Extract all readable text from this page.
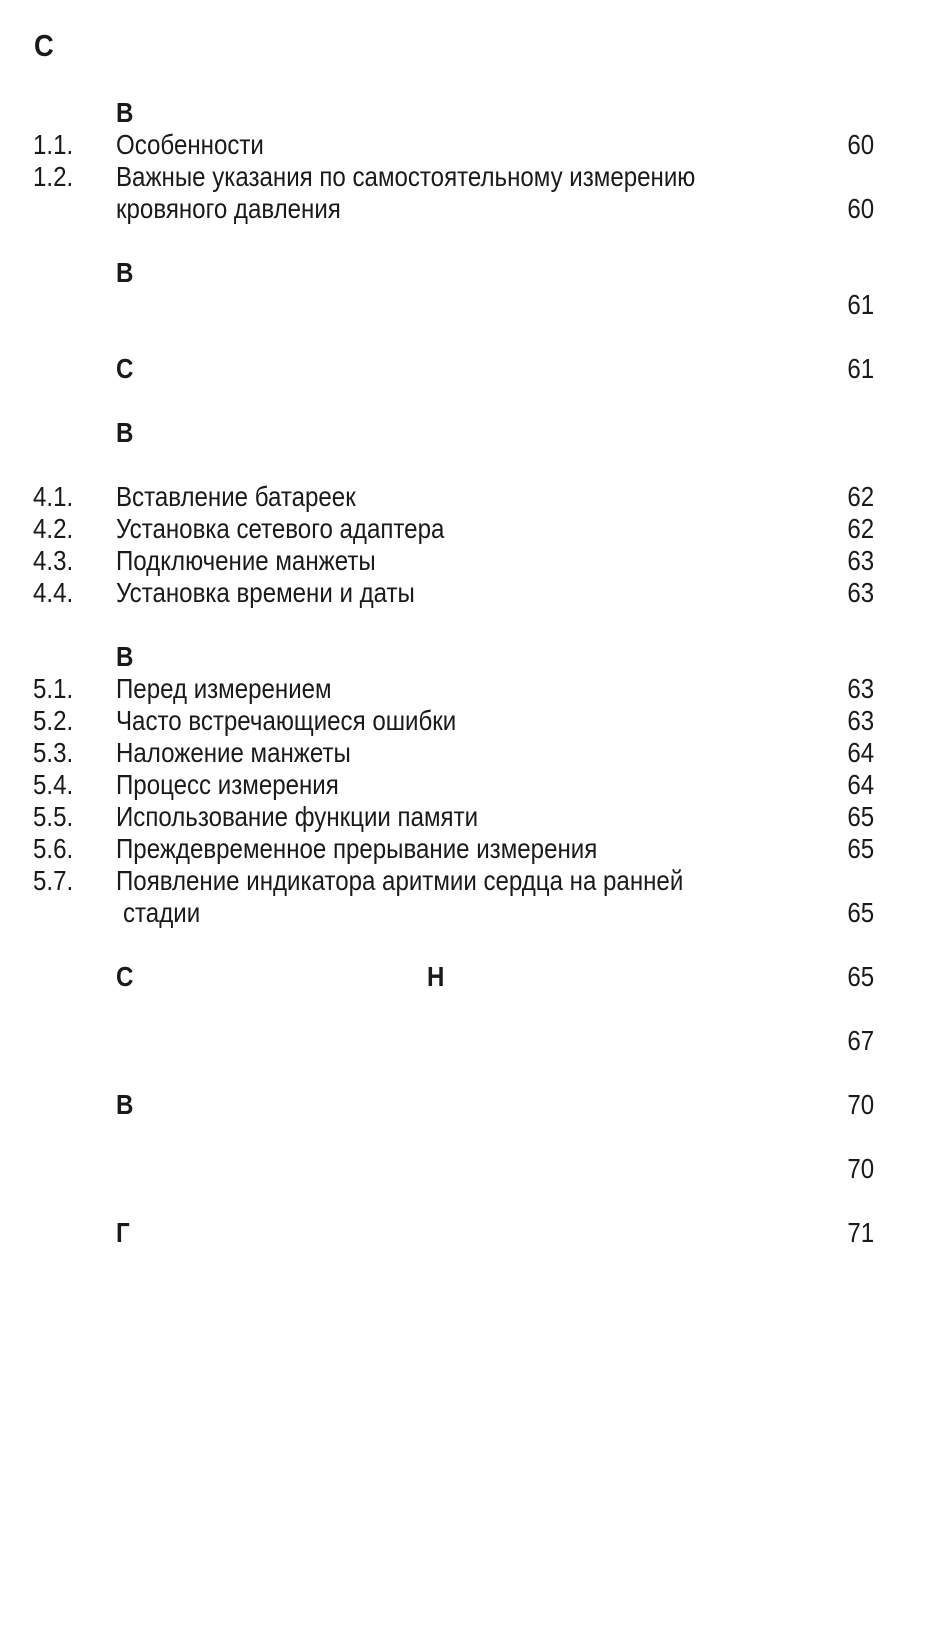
С
В
1.1. Особенности	60
1.2. Важные указания по самостоятельному измерению
кровяного давления	60
В
61
С	61
В
4.1. Вставление батареек	62
4.2. Установка сетевого адаптера	62
4.3. Подключение манжеты	63
4.4. Установка времени и даты	63
В
5.1. Перед измерением	63
5.2. Часто встречающиеся ошибки	63
5.3. Наложение манжеты	64
5.4. Процесс измерения	64
5.5. Использование функции памяти	65
5.6. Преждевременное прерывание измерения	65
5.7. Появление индикатора аритмии сердца на ранней
стадии	65
С	Н	65
67
В	70
70
Г	71
